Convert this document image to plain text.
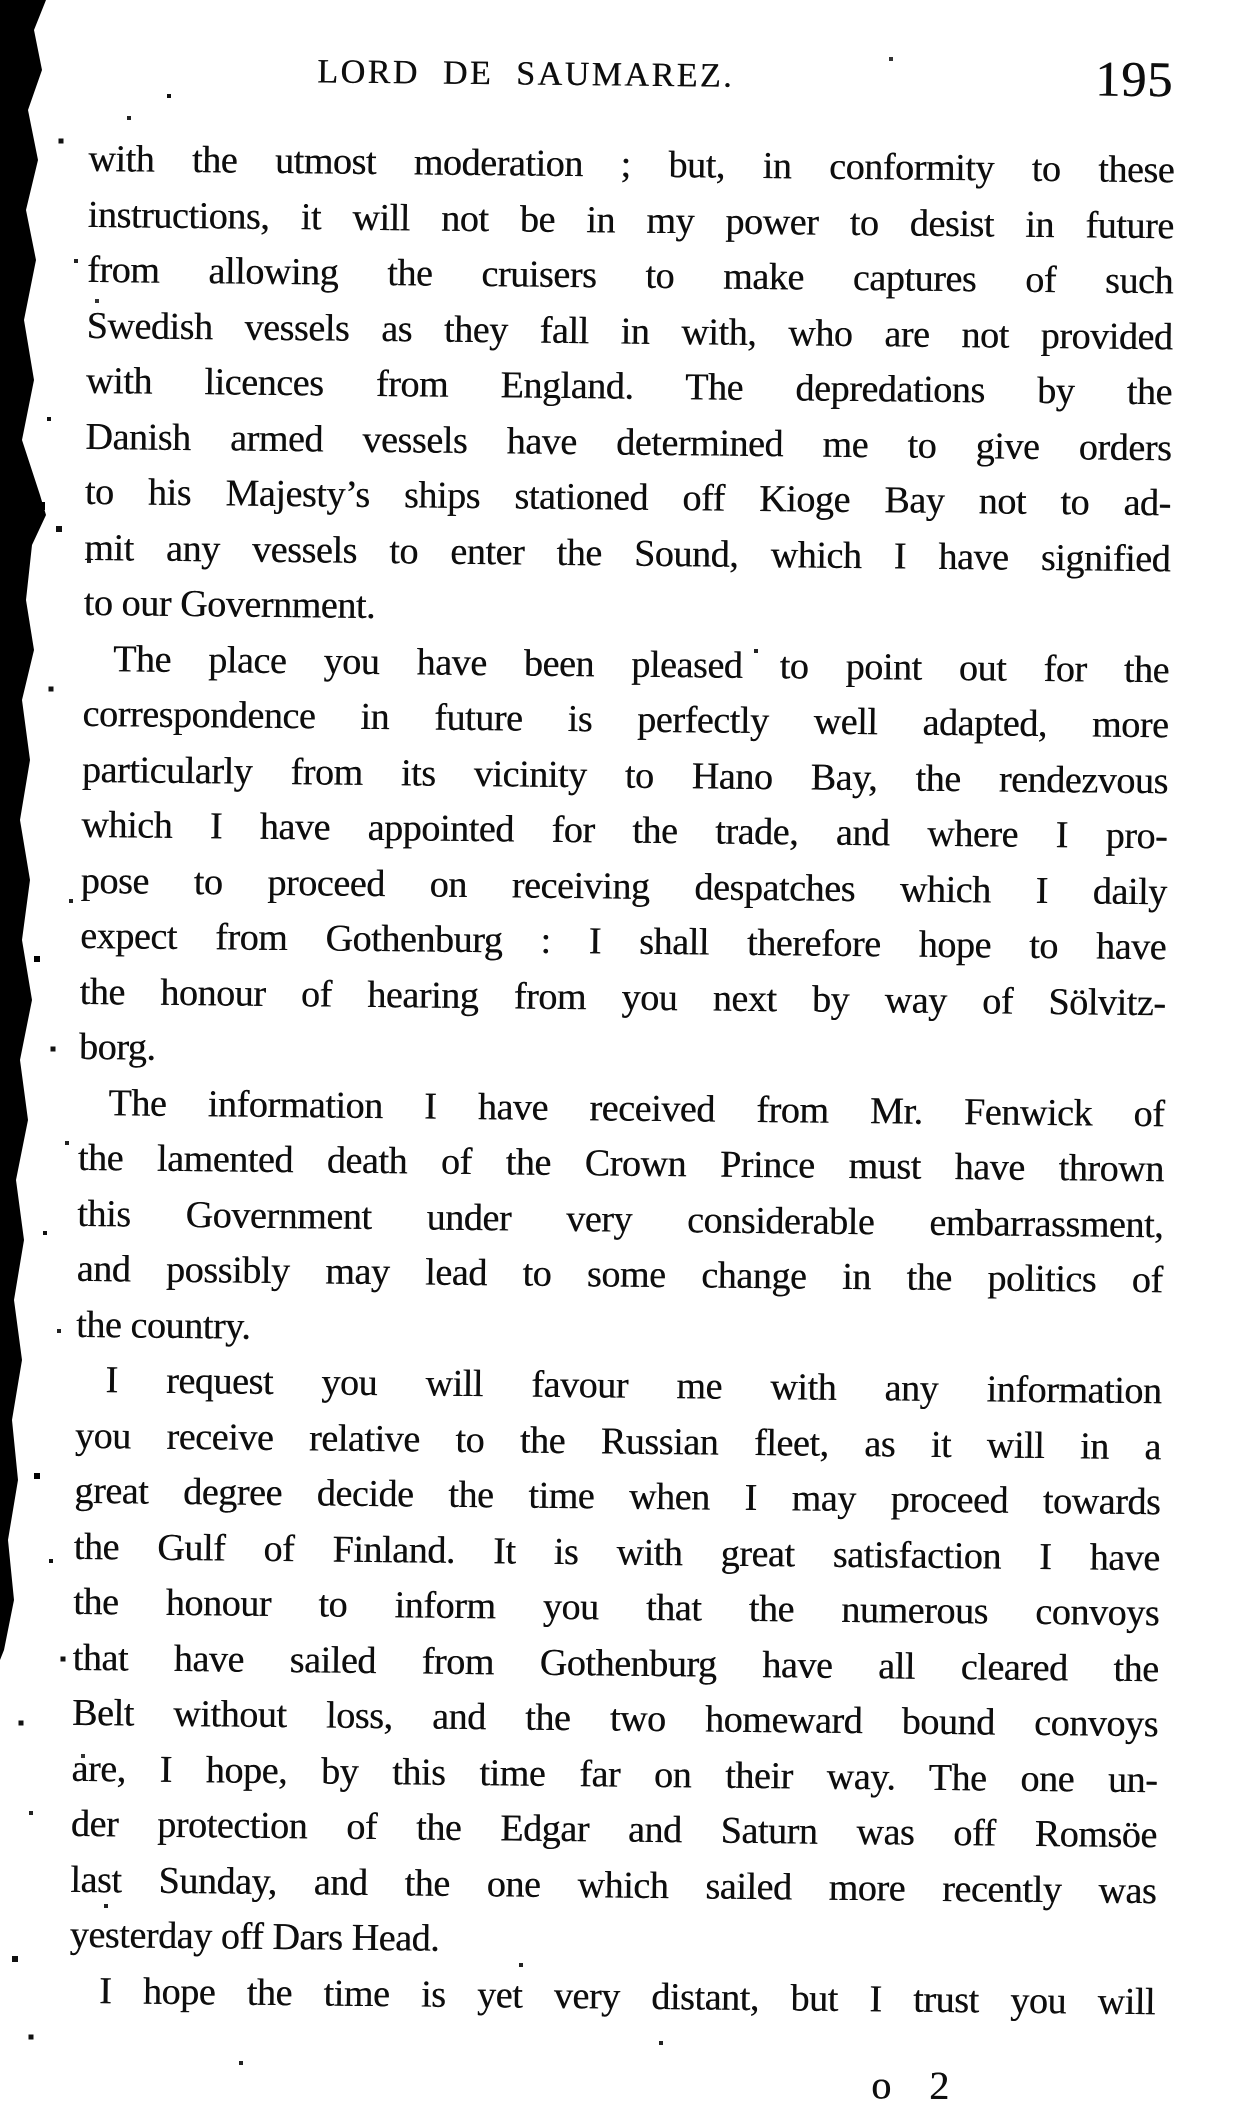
LORD DE SAUMAREZ.	195
with the utmost moderation ; but, in conformity to these
instructions, it will not be in my power to desist in future
from allowing the cruisers to make captures of such
Swedish vessels as they fall in with, who are not provided
with licences from England. The depredations by the
Danish armed vessels have determined me to give orders
to his Majesty’s ships stationed off Kioge Bay not to ad-
mit any vessels to enter the Sound, which I have signified
to our Government.
The place you have been pleased to point out for the
correspondence in future is perfectly well adapted, more
particularly from its vicinity to Hano Bay, the rendezvous
which I have appointed for the trade, and where I pro-
pose to proceed on receiving despatches which I daily
expect from Gothenburg : I shall therefore hope to have
the honour of hearing from you next by way of Sölvitz-
borg.
The information I have received from Mr. Fenwick of
the lamented death of the Crown Prince must have thrown
this Government under very considerable embarrassment,
and possibly may lead to some change in the politics of
the country.
I request you will favour me with any information
you receive relative to the Russian fleet, as it will in a
great degree decide the time when I may proceed towards
the Gulf of Finland. It is with great satisfaction I have
the honour to inform you that the numerous convoys
that have sailed from Gothenburg have all cleared the
Belt without loss, and the two homeward bound convoys
are, I hope, by this time far on their way. The one un-
der protection of the Edgar and Saturn was off Romsöe
last Sunday, and the one which sailed more recently was
yesterday off Dars Head.
I hope the time is yet very distant, but I trust you will
o 2
